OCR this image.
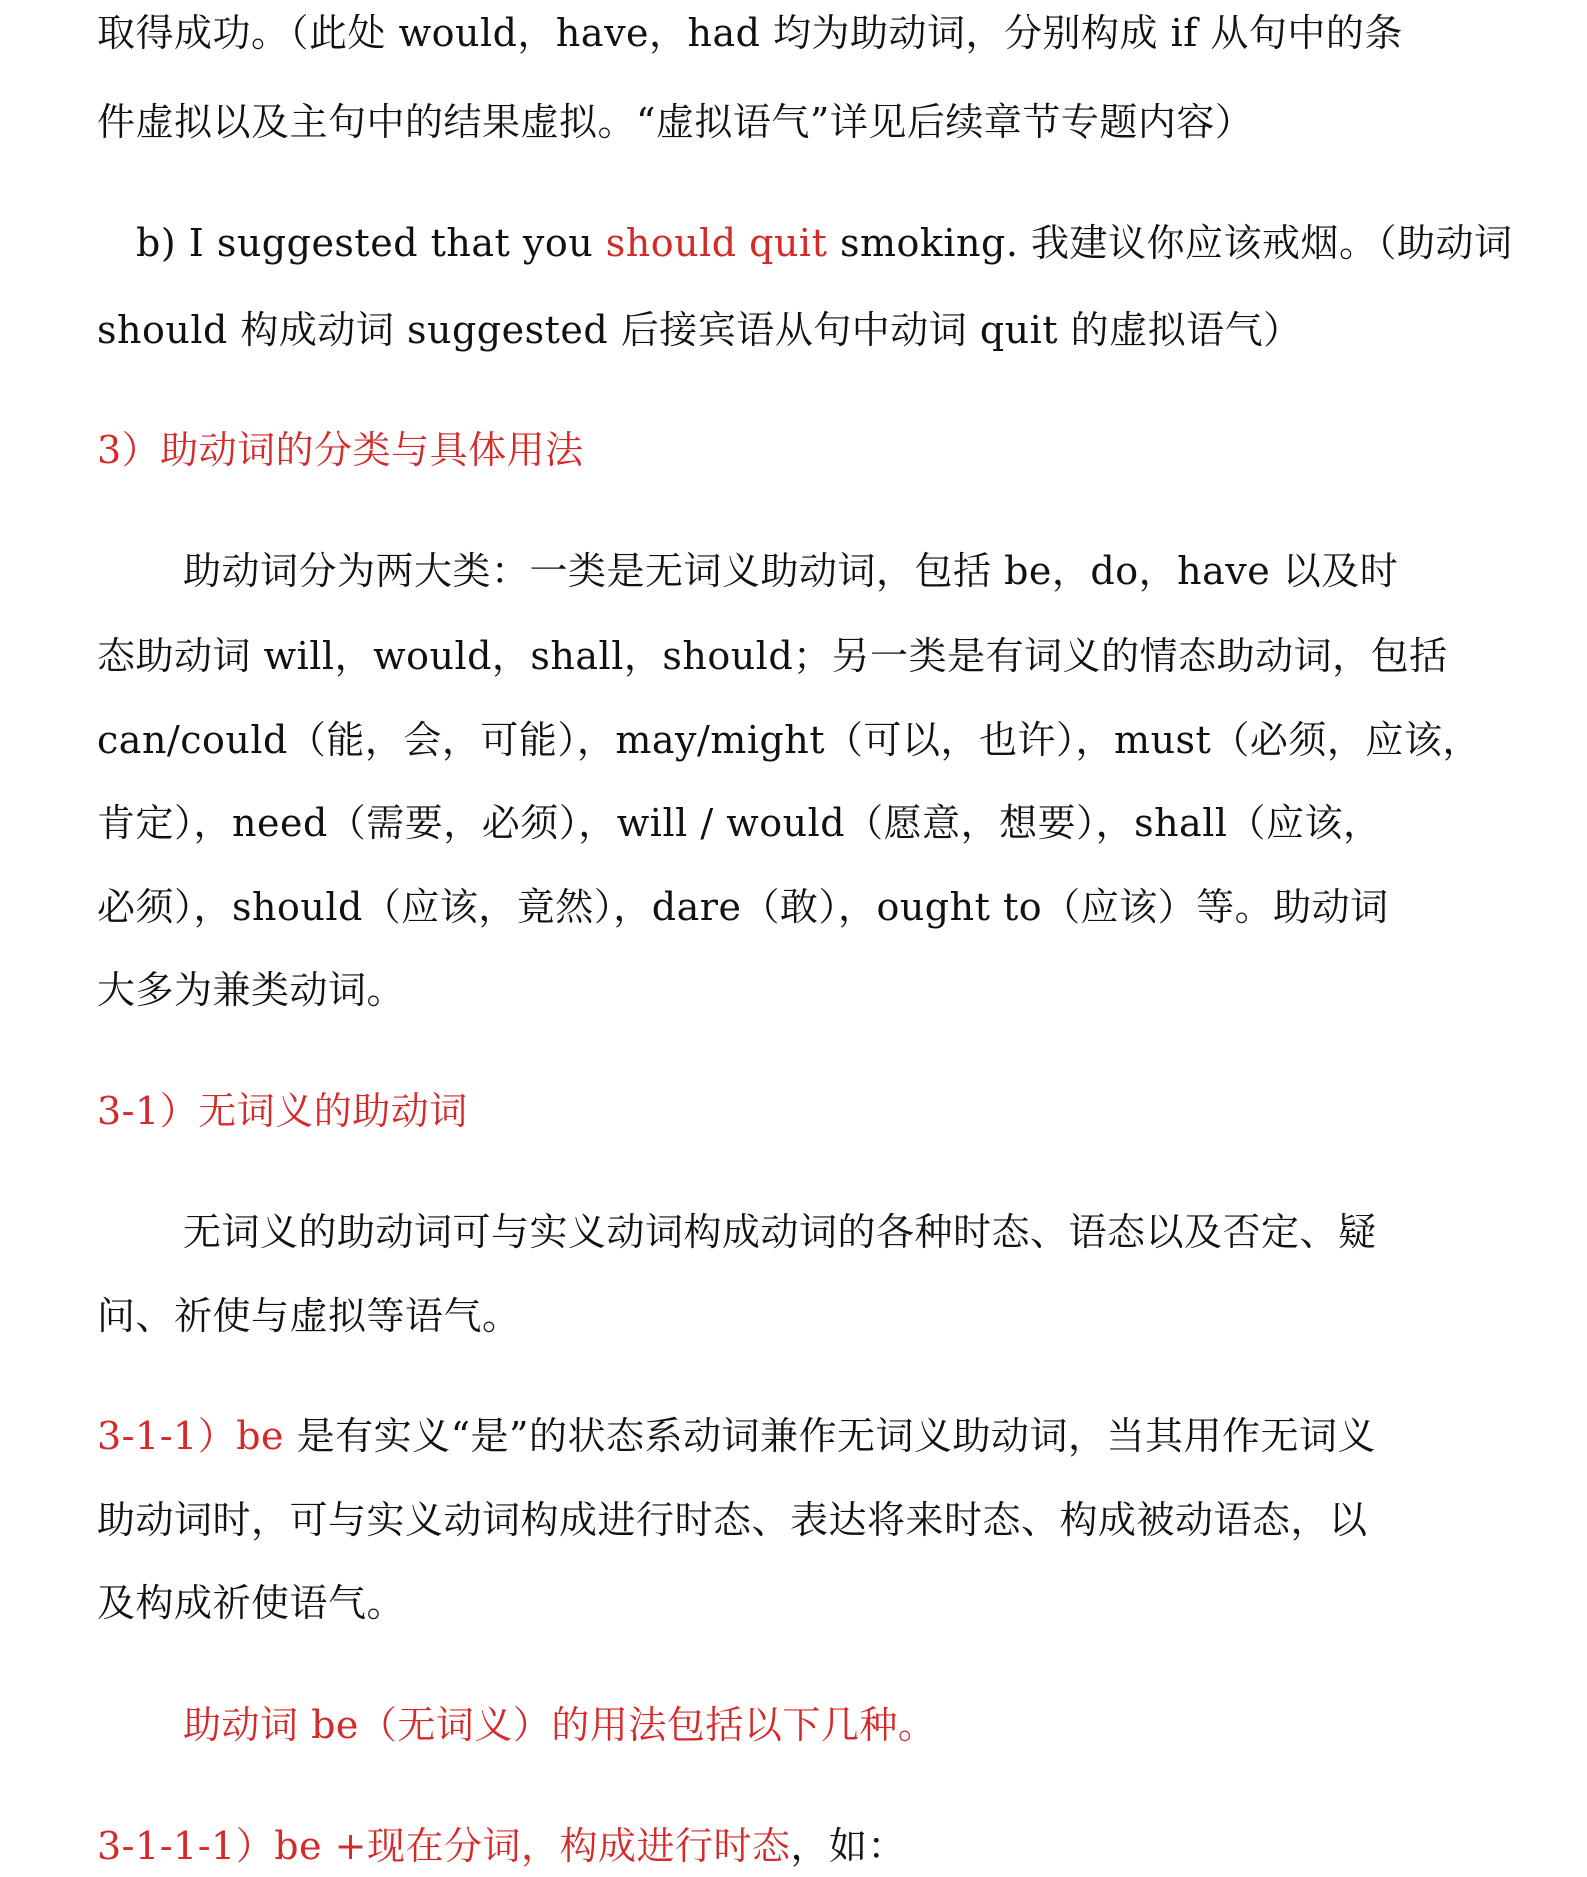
取得成功。（此处 would，have，had 均为助动词，分别构成 if 从句中的条
件虚拟以及主句中的结果虚拟。“虚拟语气”详见后续章节专题内容）
b) I suggested that you should quit smoking. 我建议你应该戒烟。（助动词
should 构成动词 suggested 后接宾语从句中动词 quit 的虚拟语气）
3）助动词的分类与具体用法
助动词分为两大类：一类是无词义助动词，包括 be，do，have 以及时
态助动词 will，would，shall，should；另一类是有词义的情态助动词，包括
can/could（能，会，可能），may/might（可以，也许），must（必须，应该，
肯定），need（需要，必须），will / would（愿意，想要），shall（应该，
必须），should（应该，竟然），dare（敢），ought to（应该）等。助动词
大多为兼类动词。
3-1）无词义的助动词
无词义的助动词可与实义动词构成动词的各种时态、语态以及否定、疑
问、祈使与虚拟等语气。
3-1-1）be 是有实义“是”的状态系动词兼作无词义助动词，当其用作无词义
助动词时，可与实义动词构成进行时态、表达将来时态、构成被动语态，以
及构成祈使语气。
助动词 be（无词义）的用法包括以下几种。
3-1-1-1）be +现在分词，构成进行时态，如：
